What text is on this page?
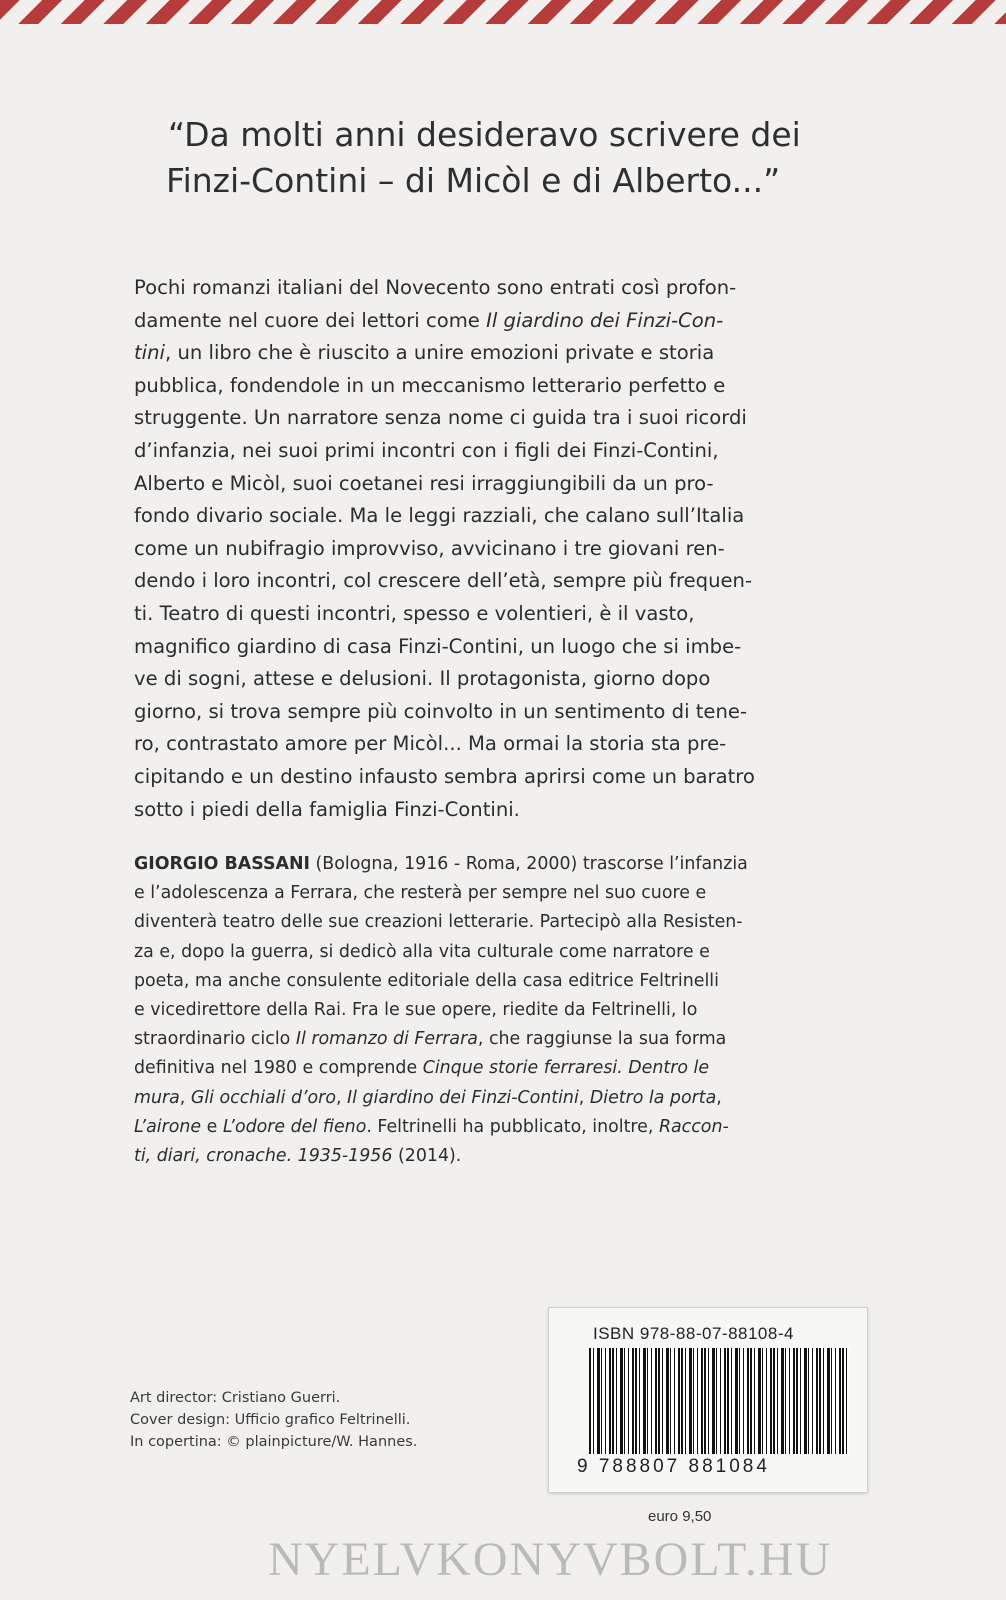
“Da molti anni desideravo scrivere dei
Finzi-Contini – di Micòl e di Alberto...”

Pochi romanzi italiani del Novecento sono entrati così profon-
damente nel cuore dei lettori come Il giardino dei Finzi-Con-
tini, un libro che è riuscito a unire emozioni private e storia
pubblica, fondendole in un meccanismo letterario perfetto e
struggente. Un narratore senza nome ci guida tra i suoi ricordi
d’infanzia, nei suoi primi incontri con i figli dei Finzi-Contini,
Alberto e Micòl, suoi coetanei resi irraggiungibili da un pro-
fondo divario sociale. Ma le leggi razziali, che calano sull’Italia
come un nubifragio improvviso, avvicinano i tre giovani ren-
dendo i loro incontri, col crescere dell’età, sempre più frequen-
ti. Teatro di questi incontri, spesso e volentieri, è il vasto,
magnifico giardino di casa Finzi-Contini, un luogo che si imbe-
ve di sogni, attese e delusioni. Il protagonista, giorno dopo
giorno, si trova sempre più coinvolto in un sentimento di tene-
ro, contrastato amore per Micòl... Ma ormai la storia sta pre-
cipitando e un destino infausto sembra aprirsi come un baratro
sotto i piedi della famiglia Finzi-Contini.

GIORGIO BASSANI (Bologna, 1916 - Roma, 2000) trascorse l’infanzia
e l’adolescenza a Ferrara, che resterà per sempre nel suo cuore e
diventerà teatro delle sue creazioni letterarie. Partecipò alla Resisten-
za e, dopo la guerra, si dedicò alla vita culturale come narratore e
poeta, ma anche consulente editoriale della casa editrice Feltrinelli
e vicedirettore della Rai. Fra le sue opere, riedite da Feltrinelli, lo
straordinario ciclo Il romanzo di Ferrara, che raggiunse la sua forma
definitiva nel 1980 e comprende Cinque storie ferraresi. Dentro le
mura, Gli occhiali d’oro, Il giardino dei Finzi-Contini, Dietro la porta,
L’airone e L’odore del fieno. Feltrinelli ha pubblicato, inoltre, Raccon-
ti, diari, cronache. 1935-1956 (2014).

Art director: Cristiano Guerri.
Cover design: Ufficio grafico Feltrinelli.
In copertina: © plainpicture/W. Hannes.
ISBN 978-88-07-88108-4
9 788807 881084
euro 9,50
NYELVKONYVBOLT.HU
